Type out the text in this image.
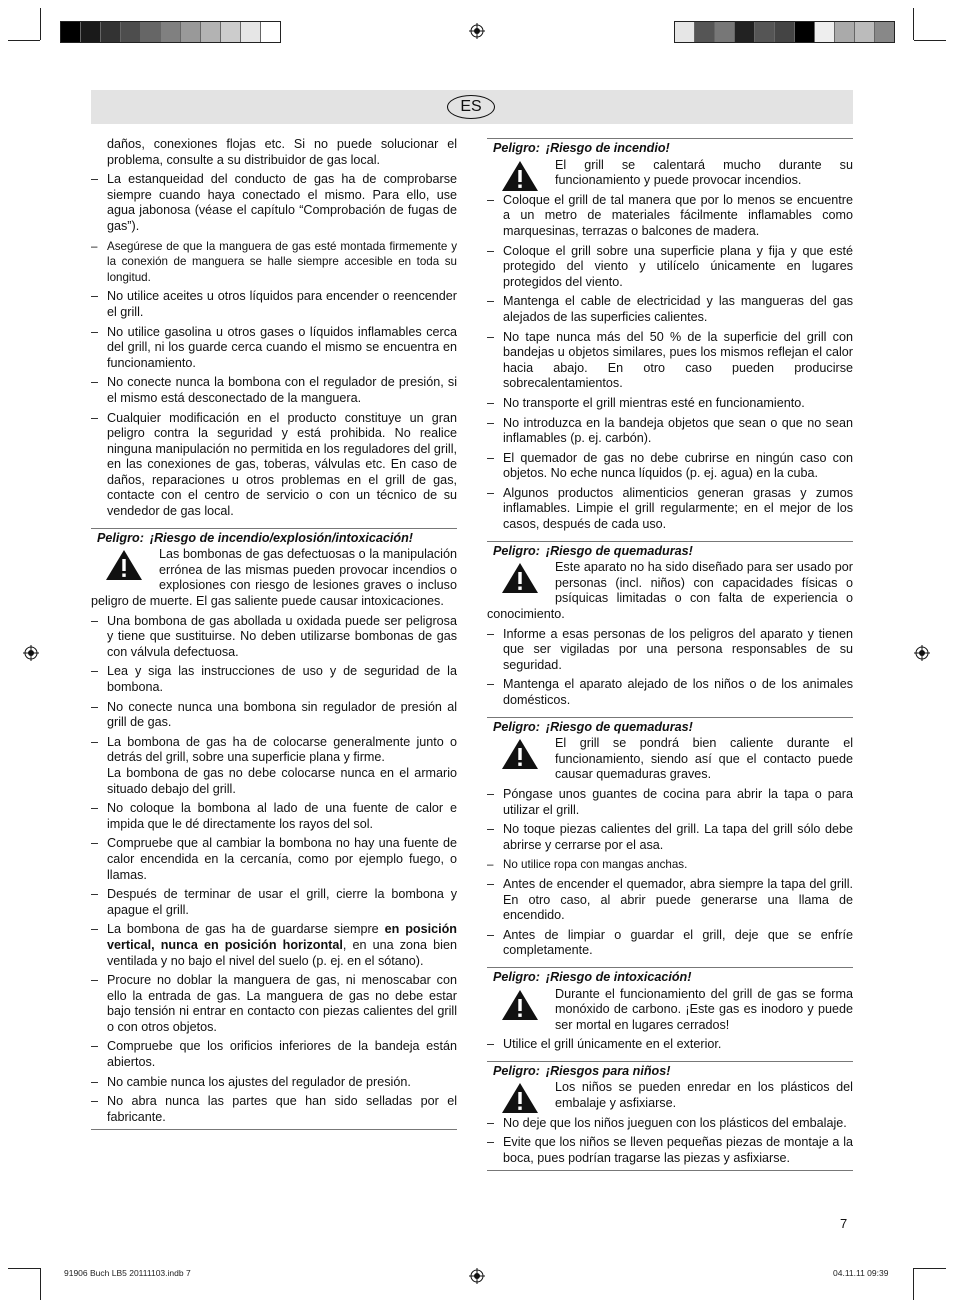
ES

daños, conexiones flojas etc. Si no puede solucionar el problema, consulte a su distribuidor de gas local.

– La estanqueidad del conducto de gas ha de comprobarse siempre cuando haya conectado el mismo. Para ello, use agua jabonosa (véase el capítulo “Comprobación de fugas de gas”).
– Asegúrese de que la manguera de gas esté montada firmemente y la conexión de manguera se halle siempre accesible en toda su longitud.
– No utilice aceites u otros líquidos para encender o reencender el grill.
– No utilice gasolina u otros gases o líquidos inflamables cerca del grill, ni los guarde cerca cuando el mismo se encuentra en funcionamiento.
– No conecte nunca la bombona con el regulador de presión, si el mismo está desconectado de la manguera.
– Cualquier modificación en el producto constituye un gran peligro contra la seguridad y está prohibida. No realice ninguna manipulación no permitida en los reguladores del grill, en las conexiones de gas, toberas, válvulas etc. En caso de daños, reparaciones u otros problemas en el grill de gas, contacte con el centro de servicio o con un técnico de su vendedor de gas local.
Peligro: ¡Riesgo de incendio/explosión/intoxicación!

Las bombonas de gas defectuosas o la manipulación errónea de las mismas pueden provocar incendios o explosiones con riesgo de lesiones graves o incluso peligro de muerte. El gas saliente puede causar intoxicaciones.

– Una bombona de gas abollada u oxidada puede ser peligrosa y tiene que sustituirse. No deben utilizarse bombonas de gas con válvula defectuosa.
– Lea y siga las instrucciones de uso y de seguridad de la bombona.
– No conecte nunca una bombona sin regulador de presión al grill de gas.
– La bombona de gas ha de colocarse generalmente junto o detrás del grill, sobre una superficie plana y firme.
La bombona de gas no debe colocarse nunca en el armario situado debajo del grill.
– No coloque la bombona al lado de una fuente de calor e impida que le dé directamente los rayos del sol.
– Compruebe que al cambiar la bombona no hay una fuente de calor encendida en la cercanía, como por ejemplo fuego, o llamas.
– Después de terminar de usar el grill, cierre la bombona y apague el grill.
– La bombona de gas ha de guardarse siempre en posición vertical, nunca en posición horizontal, en una zona bien ventilada y no bajo el nivel del suelo (p. ej. en el sótano).
– Procure no doblar la manguera de gas, ni menoscabar con ello la entrada de gas. La manguera de gas no debe estar bajo tensión ni entrar en contacto con piezas calientes del grill o con otros objetos.
– Compruebe que los orificios inferiores de la bandeja están abiertos.
– No cambie nunca los ajustes del regulador de presión.
– No abra nunca las partes que han sido selladas por el fabricante.
Peligro: ¡Riesgo de incendio!

El grill se calentará mucho durante su funcionamiento y puede provocar incendios.

– Coloque el grill de tal manera que por lo menos se encuentre a un metro de materiales fácilmente inflamables como marquesinas, terrazas o balcones de madera.
– Coloque el grill sobre una superficie plana y fija y que esté protegido del viento y utilícelo únicamente en lugares protegidos del viento.
– Mantenga el cable de electricidad y las mangueras del gas alejados de las superficies calientes.
– No tape nunca más del 50 % de la superficie del grill con bandejas u objetos similares, pues los mismos reflejan el calor hacia abajo. En otro caso pueden producirse sobrecalentamientos.
– No transporte el grill mientras esté en funcionamiento.
– No introduzca en la bandeja objetos que sean o que no sean inflamables (p. ej. carbón).
– El quemador de gas no debe cubrirse en ningún caso con objetos. No eche nunca líquidos (p. ej. agua) en la cuba.
– Algunos productos alimenticios generan grasas y zumos inflamables. Limpie el grill regularmente; en el mejor de los casos, después de cada uso.
Peligro: ¡Riesgo de quemaduras!

Este aparato no ha sido diseñado para ser usado por personas (incl. niños) con capacidades físicas o psíquicas limitadas o con falta de experiencia o conocimiento.

– Informe a esas personas de los peligros del aparato y tienen que ser vigiladas por una persona responsables de su seguridad.
– Mantenga el aparato alejado de los niños o de los animales domésticos.
Peligro: ¡Riesgo de quemaduras!

El grill se pondrá bien caliente durante el funcionamiento, siendo así que el contacto puede causar quemaduras graves.

– Póngase unos guantes de cocina para abrir la tapa o para utilizar el grill.
– No toque piezas calientes del grill. La tapa del grill sólo debe abrirse y cerrarse por el asa.
– No utilice ropa con mangas anchas.
– Antes de encender el quemador, abra siempre la tapa del grill. En otro caso, al abrir puede generarse una llama de encendido.
– Antes de limpiar o guardar el grill, deje que se enfríe completamente.
Peligro: ¡Riesgo de intoxicación!

Durante el funcionamiento del grill de gas se forma monóxido de carbono. ¡Este gas es inodoro y puede ser mortal en lugares cerrados!

– Utilice el grill únicamente en el exterior.
Peligro: ¡Riesgos para niños!

Los niños se pueden enredar en los plásticos del embalaje y asfixiarse.

– No deje que los niños jueguen con los plásticos del embalaje.
– Evite que los niños se lleven pequeñas piezas de montaje a la boca, pues podrían tragarse las piezas y asfixiarse.
7
91906 Buch LB5 20111103.indb 7	04.11.11 09:39
